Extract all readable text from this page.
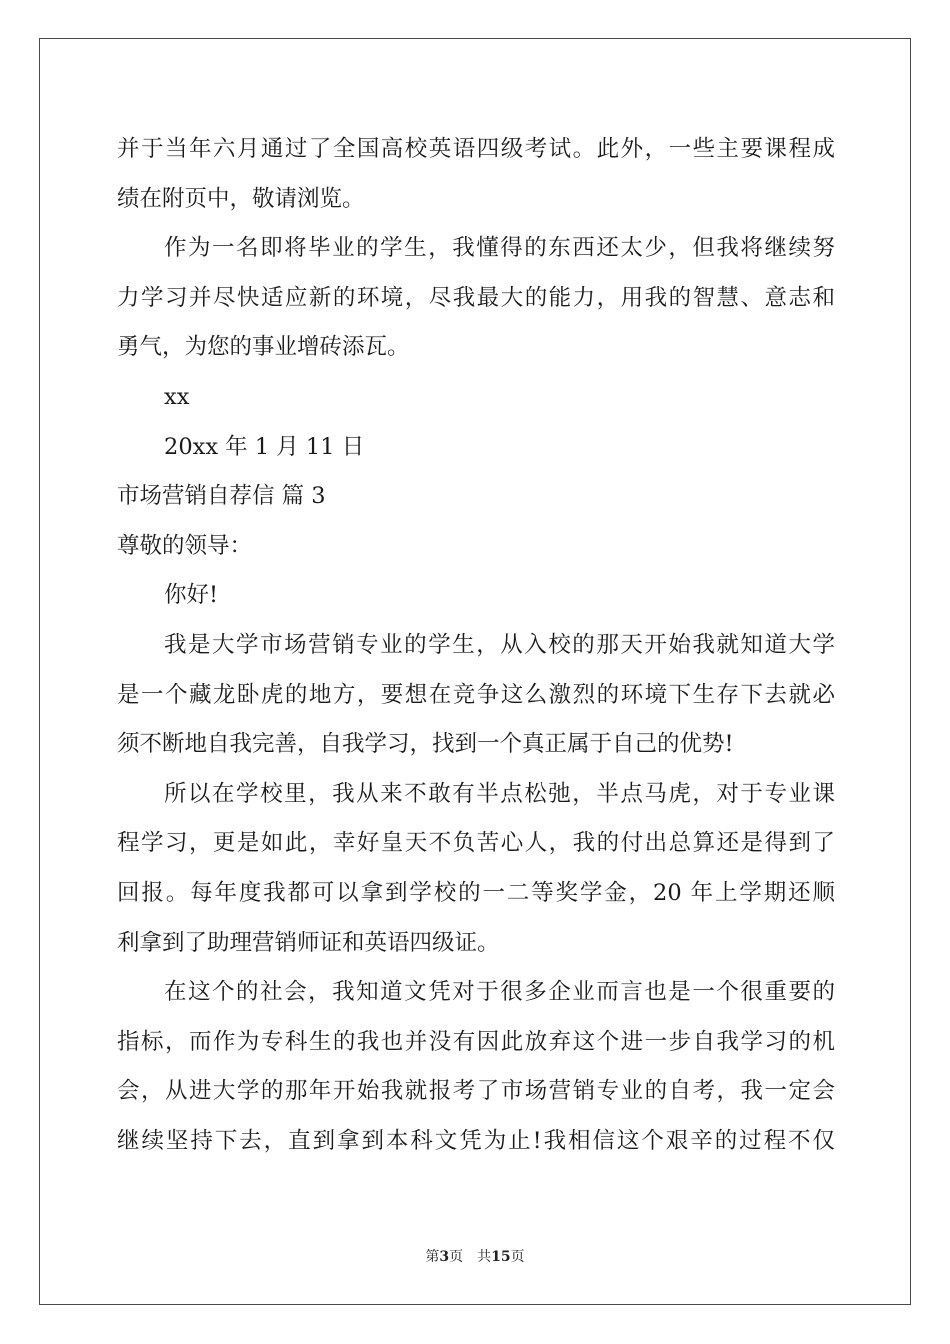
并于当年六月通过了全国高校英语四级考试。此外，一些主要课程成
绩在附页中，敬请浏览。
作为一名即将毕业的学生，我懂得的东西还太少，但我将继续努
力学习并尽快适应新的环境，尽我最大的能力，用我的智慧、意志和
勇气，为您的事业增砖添瓦。
xx
20xx 年 1 月 11 日
市场营销自荐信 篇 3
尊敬的领导：
你好!
我是大学市场营销专业的学生，从入校的那天开始我就知道大学
是一个藏龙卧虎的地方，要想在竞争这么激烈的环境下生存下去就必
须不断地自我完善，自我学习，找到一个真正属于自己的优势!
所以在学校里，我从来不敢有半点松弛，半点马虎，对于专业课
程学习，更是如此，幸好皇天不负苦心人，我的付出总算还是得到了
回报。每年度我都可以拿到学校的一二等奖学金，20 年上学期还顺
利拿到了助理营销师证和英语四级证。
在这个的社会，我知道文凭对于很多企业而言也是一个很重要的
指标，而作为专科生的我也并没有因此放弃这个进一步自我学习的机
会，从进大学的那年开始我就报考了市场营销专业的自考，我一定会
继续坚持下去，直到拿到本科文凭为止!我相信这个艰辛的过程不仅
第3页 共15页
